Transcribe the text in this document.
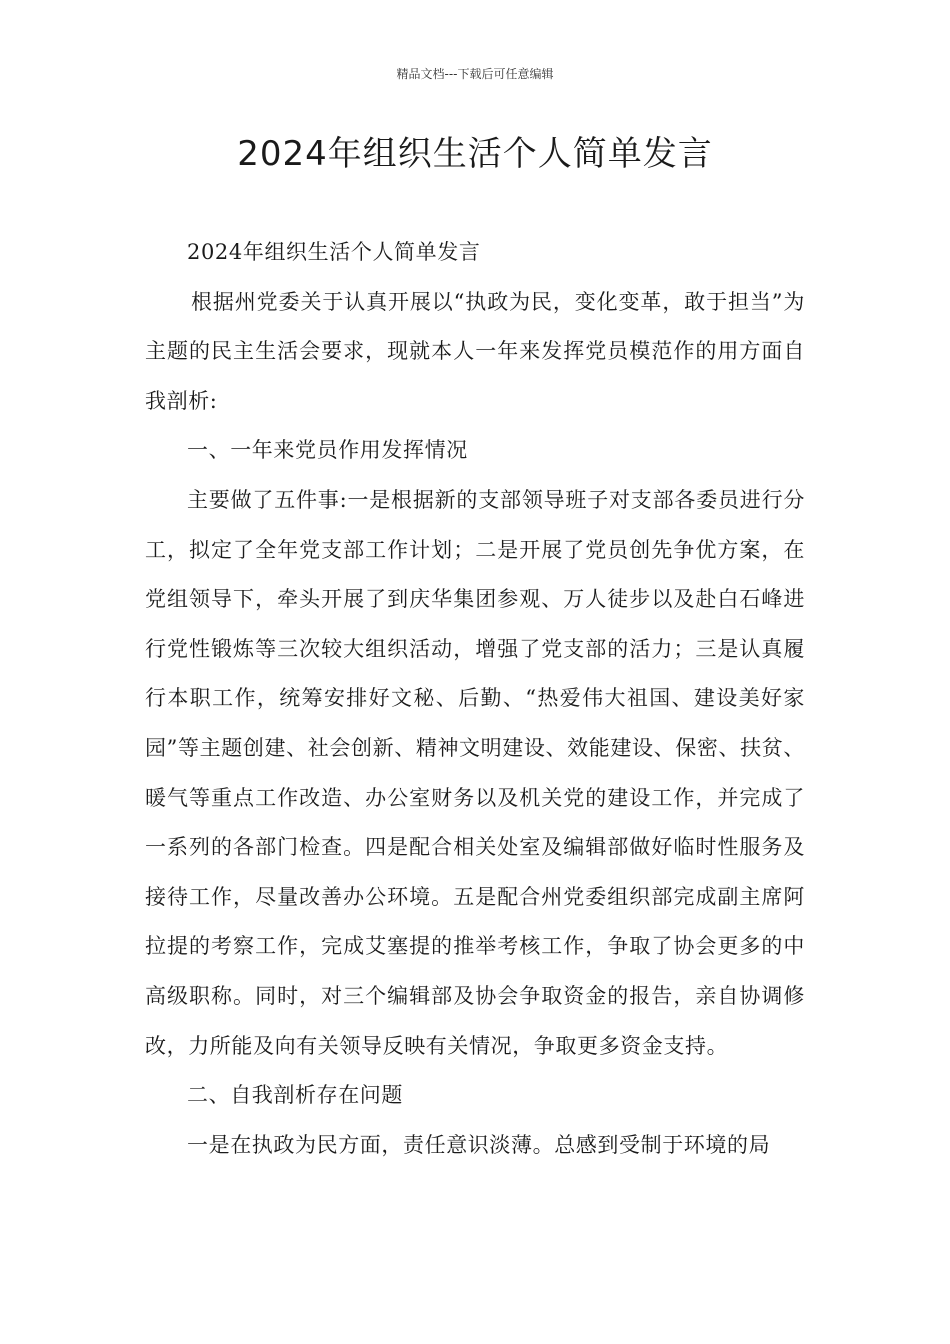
精品文档---下载后可任意编辑
2024年组织生活个人简单发言

2024年组织生活个人简单发言

根据州党委关于认真开展以“执政为民，变化变革，敢于担当”为主题的民主生活会要求，现就本人一年来发挥党员模范作的用方面自我剖析:

一、一年来党员作用发挥情况

主要做了五件事:一是根据新的支部领导班子对支部各委员进行分工，拟定了全年党支部工作计划；二是开展了党员创先争优方案，在党组领导下，牵头开展了到庆华集团参观、万人徒步以及赴白石峰进行党性锻炼等三次较大组织活动，增强了党支部的活力；三是认真履行本职工作，统筹安排好文秘、后勤、“热爱伟大祖国、建设美好家园”等主题创建、社会创新、精神文明建设、效能建设、保密、扶贫、暖气等重点工作改造、办公室财务以及机关党的建设工作，并完成了一系列的各部门检查。四是配合相关处室及编辑部做好临时性服务及接待工作，尽量改善办公环境。五是配合州党委组织部完成副主席阿拉提的考察工作，完成艾塞提的推举考核工作，争取了协会更多的中高级职称。同时，对三个编辑部及协会争取资金的报告，亲自协调修改，力所能及向有关领导反映有关情况，争取更多资金支持。

二、自我剖析存在问题

一是在执政为民方面，责任意识淡薄。总感到受制于环境的局
